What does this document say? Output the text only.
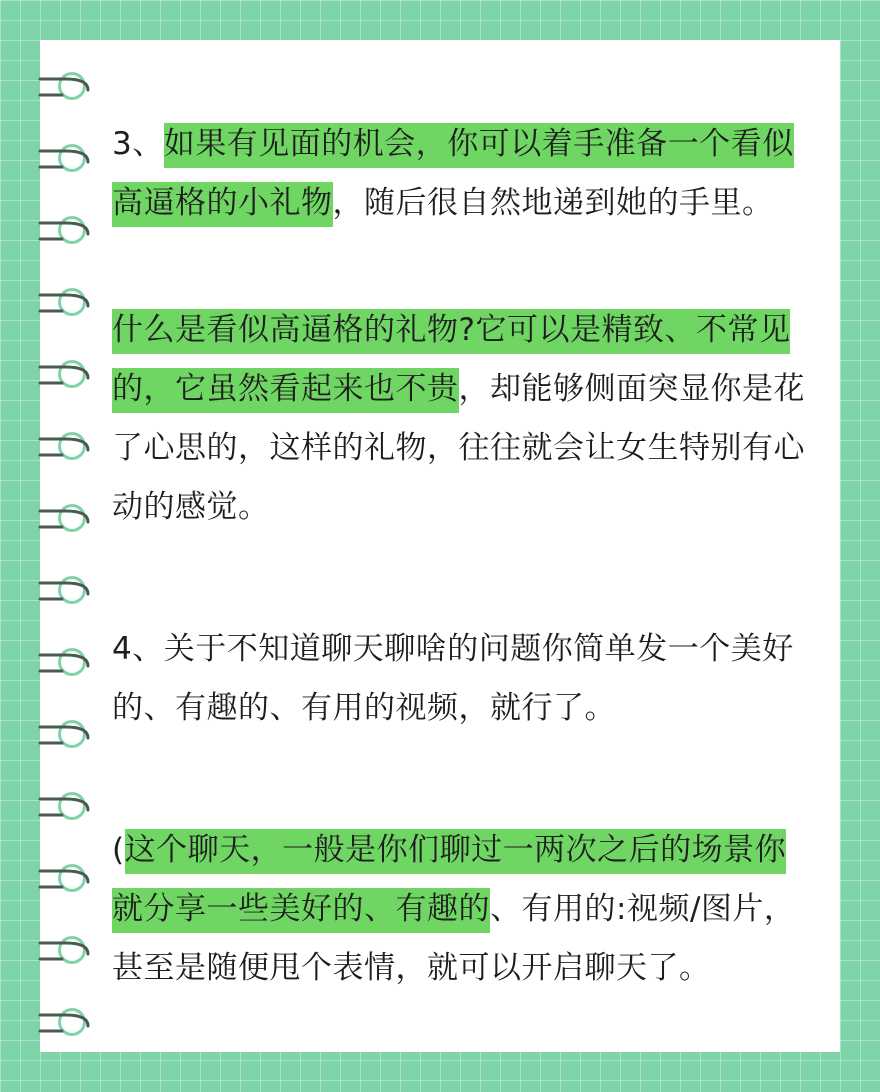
3、如果有见面的机会，你可以着手准备一个看似高逼格的小礼物，随后很自然地递到她的手里。

什么是看似高逼格的礼物?它可以是精致、不常见的，它虽然看起来也不贵，却能够侧面突显你是花了心思的，这样的礼物，往往就会让女生特别有心动的感觉。

4、关于不知道聊天聊啥的问题你简单发一个美好的、有趣的、有用的视频，就行了。

(这个聊天，一般是你们聊过一两次之后的场景你就分享一些美好的、有趣的、有用的:视频/图片，甚至是随便甩个表情，就可以开启聊天了。
